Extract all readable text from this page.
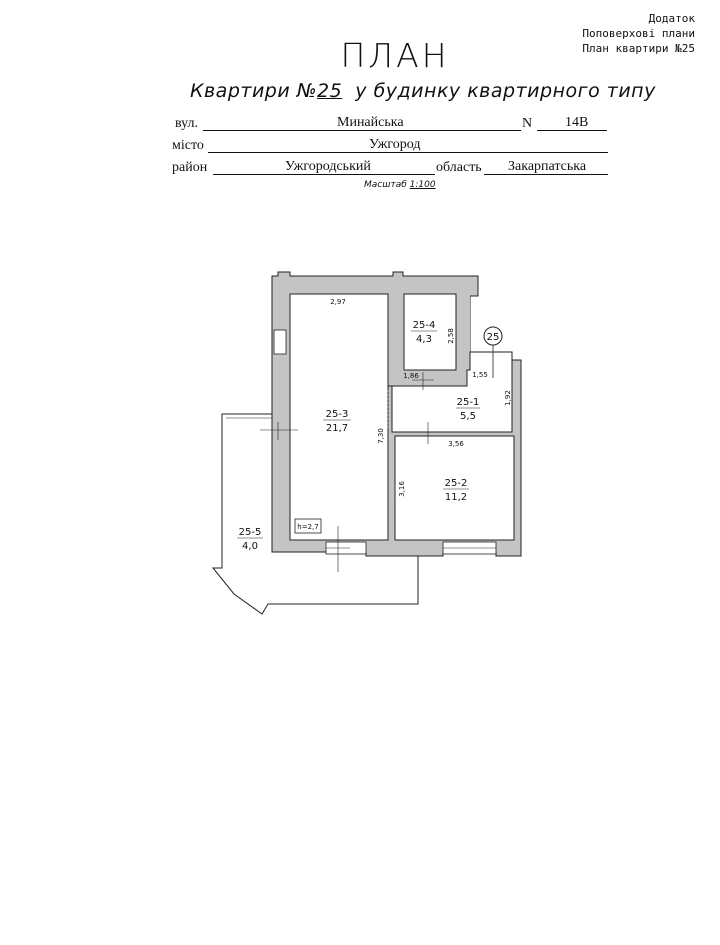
Додаток
Поповерхові плани
План квартири №25
ПЛАН
Квартири №25 у будинку квартирного типу
вул.	Минайська	N 14В
місто	Ужгород
район	Ужгородський	область Закарпатська
Масштаб 1:100
25
25-3
21,7
25-4
4,3
25-1
5,5
25-2
11,2
25-5
4,0
2,97
2,58
1,86	1,55
1,92
7,30
3,56
3,16
h=2,7
